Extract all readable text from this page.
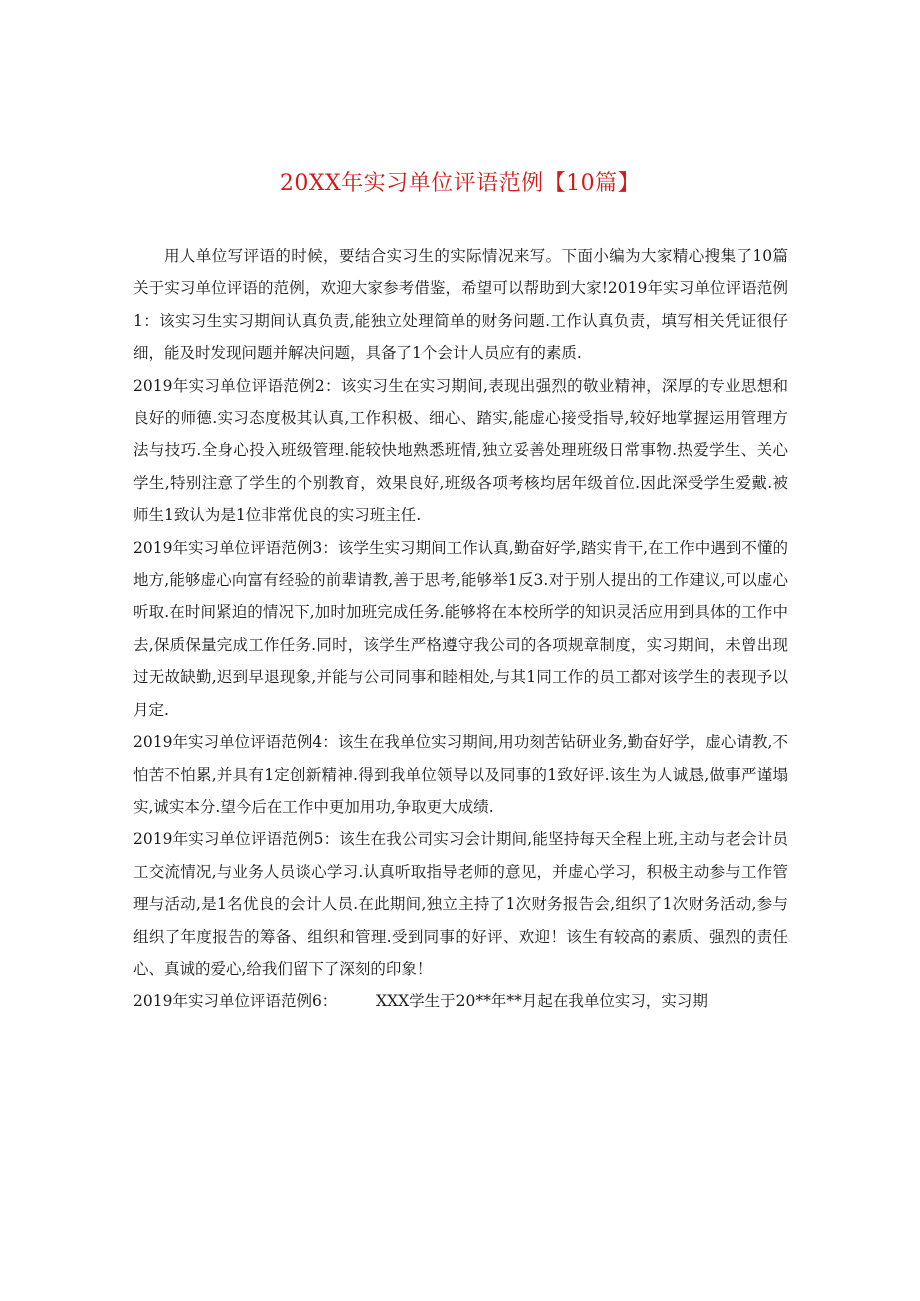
20XX年实习单位评语范例【10篇】

用人单位写评语的时候，要结合实习生的实际情况来写。下面小编为大家精心搜集了10篇关于实习单位评语的范例，欢迎大家参考借鉴，希望可以帮助到大家!2019年实习单位评语范例1：该实习生实习期间认真负责,能独立处理简单的财务问题.工作认真负责，填写相关凭证很仔细，能及时发现问题并解决问题，具备了1个会计人员应有的素质.

2019年实习单位评语范例2：该实习生在实习期间,表现出强烈的敬业精神，深厚的专业思想和良好的师德.实习态度极其认真,工作积极、细心、踏实,能虚心接受指导,较好地掌握运用管理方法与技巧.全身心投入班级管理.能较快地熟悉班情,独立妥善处理班级日常事物.热爱学生、关心学生,特别注意了学生的个别教育，效果良好,班级各项考核均居年级首位.因此深受学生爱戴.被师生1致认为是1位非常优良的实习班主任.

2019年实习单位评语范例3：该学生实习期间工作认真,勤奋好学,踏实肯干,在工作中遇到不懂的地方,能够虚心向富有经验的前辈请教,善于思考,能够举1反3.对于别人提出的工作建议,可以虚心听取.在时间紧迫的情况下,加时加班完成任务.能够将在本校所学的知识灵活应用到具体的工作中去,保质保量完成工作任务.同时，该学生严格遵守我公司的各项规章制度，实习期间，未曾出现过无故缺勤,迟到早退现象,并能与公司同事和睦相处,与其1同工作的员工都对该学生的表现予以月定.

2019年实习单位评语范例4：该生在我单位实习期间,用功刻苦钻研业务,勤奋好学，虚心请教,不怕苦不怕累,并具有1定创新精神.得到我单位领导以及同事的1致好评.该生为人诚恳,做事严谨塌实,诚实本分.望今后在工作中更加用功,争取更大成绩.

2019年实习单位评语范例5：该生在我公司实习会计期间,能坚持每天全程上班,主动与老会计员工交流情况,与业务人员谈心学习.认真听取指导老师的意见，并虚心学习，积极主动参与工作管理与活动,是1名优良的会计人员.在此期间,独立主持了1次财务报告会,组织了1次财务活动,参与组织了年度报告的筹备、组织和管理.受到同事的好评、欢迎！该生有较高的素质、强烈的责任心、真诚的爱心,给我们留下了深刻的印象！

2019年实习单位评语范例6：　　　XXX学生于20**年**月起在我单位实习，实习期
